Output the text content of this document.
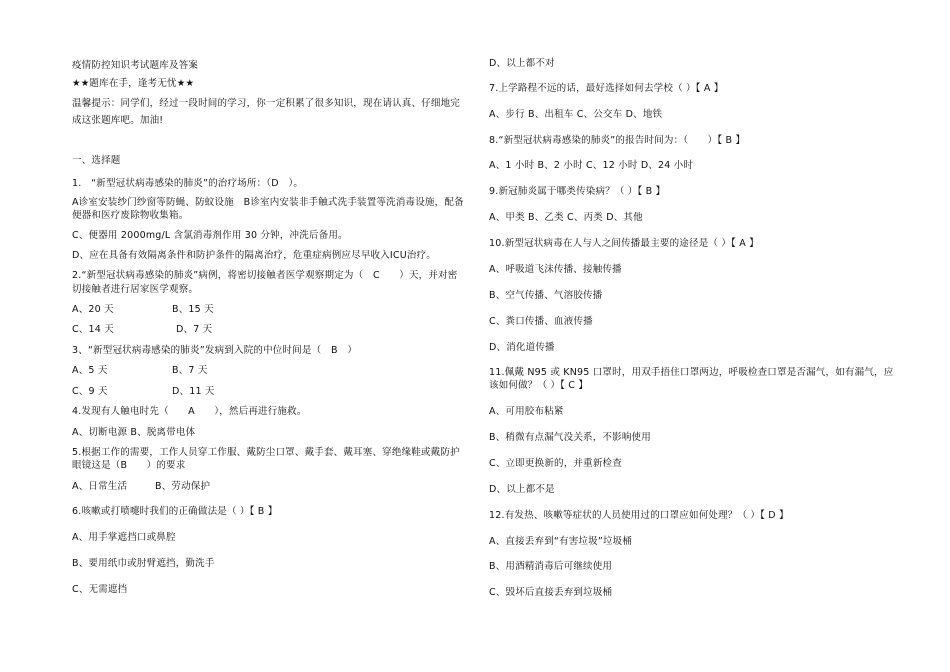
疫情防控知识考试题库及答案
★★题库在手，逢考无忧★★
温馨提示：同学们，经过一段时间的学习，你一定积累了很多知识，现在请认真、仔细地完
成这张题库吧。加油!
一、选择题
1.　“新型冠状病毒感染的肺炎”的治疗场所：（D　）。
A诊室安装纱门纱窗等防蝇、防蚊设施　B诊室内安装非手触式洗手装置等洗消毒设施，配备
便器和医疗废除物收集箱。
C、便器用 2000mg/L 含氯消毒剂作用 30 分钟，冲洗后备用。
D、应在具备有效隔离条件和防护条件的隔离治疗，危重症病例应尽早收入ICU治疗。
2.“新型冠状病毒感染的肺炎”病例，将密切接触者医学观察期定为（　C　　）天，并对密
切接触者进行居家医学观察。
A、20 天	B、15 天
C、14 天	D、7 天
3、“新型冠状病毒感染的肺炎”发病到入院的中位时间是（　B　）
A、5 天	B、7 天
C、9 天	D、11 天
4.发现有人触电时先（　　A　　），然后再进行施救。
A、切断电源 B、脱离带电体
5.根据工作的需要，工作人员穿工作服、戴防尘口罩、戴手套、戴耳塞、穿绝缘鞋或戴防护
眼镜这是（B　　）的要求
A、日常生活	B、劳动保护
6.咳嗽或打喷嚏时我们的正确做法是（ ）【 B 】
A、用手掌遮挡口或鼻腔
B、要用纸巾或肘臂遮挡，勤洗手
C、无需遮挡
D、以上都不对
7.上学路程不远的话，最好选择如何去学校（ ）【 A 】
A、步行 B、出租车 C、公交车 D、地铁
8.“新型冠状病毒感染的肺炎”的报告时间为：（　　）【 B 】
A、1 小时 B、2 小时 C、12 小时 D、24 小时
9.新冠肺炎属于哪类传染病？（ ）【 B 】
A、甲类 B、乙类 C、丙类 D、其他
10.新型冠状病毒在人与人之间传播最主要的途径是（ ）【 A 】
A、呼吸道飞沫传播、接触传播
B、空气传播、气溶胶传播
C、粪口传播、血液传播
D、消化道传播
11.佩戴 N95 或 KN95 口罩时，用双手捂住口罩两边，呼吸检查口罩是否漏气，如有漏气，应
该如何做？（ ）【 C 】
A、可用胶布粘紧
B、稍微有点漏气没关系，不影响使用
C、立即更换新的，并重新检查
D、以上都不是
12.有发热、咳嗽等症状的人员使用过的口罩应如何处理？（ ）【 D 】
A、直接丢弃到“有害垃圾”垃圾桶
B、用酒精消毒后可继续使用
C、毁坏后直接丢弃到垃圾桶
